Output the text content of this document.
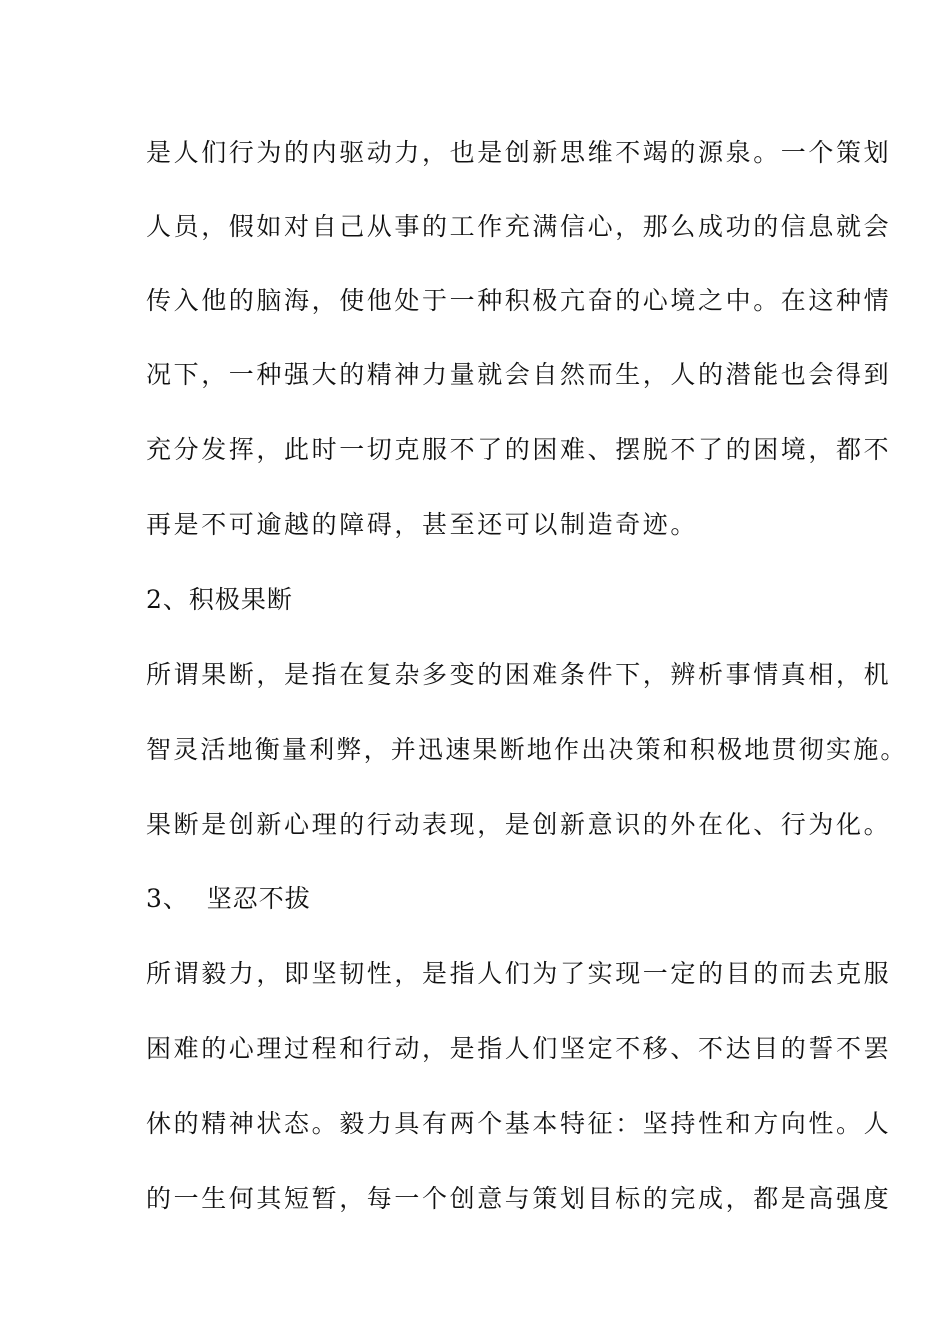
是人们行为的内驱动力，也是创新思维不竭的源泉。一个策划
人员，假如对自己从事的工作充满信心，那么成功的信息就会
传入他的脑海，使他处于一种积极亢奋的心境之中。在这种情
况下，一种强大的精神力量就会自然而生，人的潜能也会得到
充分发挥，此时一切克服不了的困难、摆脱不了的困境，都不
再是不可逾越的障碍，甚至还可以制造奇迹。
2、积极果断
所谓果断，是指在复杂多变的困难条件下，辨析事情真相，机
智灵活地衡量利弊，并迅速果断地作出决策和积极地贯彻实施。
果断是创新心理的行动表现，是创新意识的外在化、行为化。
3、  坚忍不拔
所谓毅力，即坚韧性，是指人们为了实现一定的目的而去克服
困难的心理过程和行动，是指人们坚定不移、不达目的誓不罢
休的精神状态。毅力具有两个基本特征：坚持性和方向性。人
的一生何其短暂，每一个创意与策划目标的完成，都是高强度
